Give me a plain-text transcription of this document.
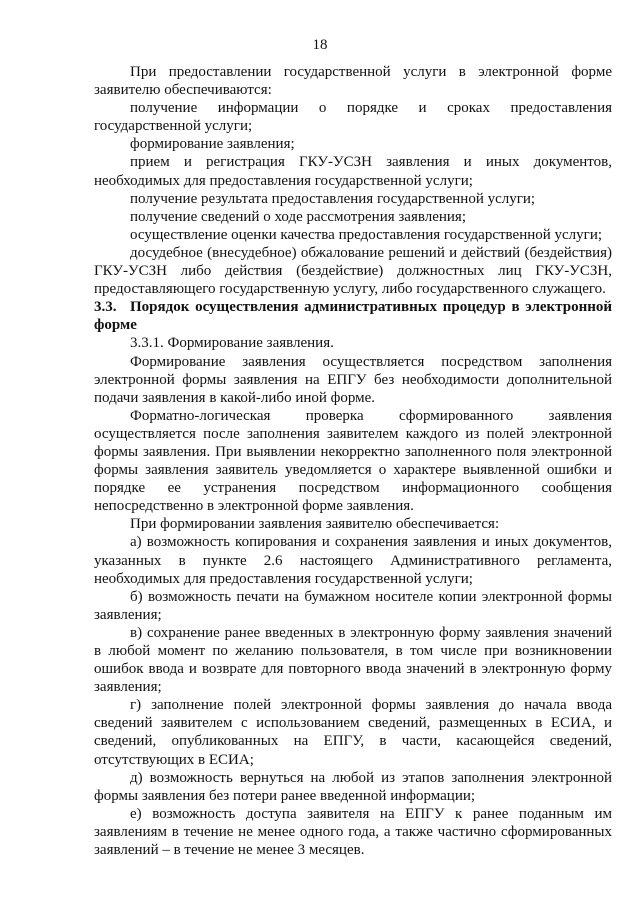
18

При предоставлении государственной услуги в электронной форме заявителю обеспечиваются:

получение информации о порядке и сроках предоставления государственной услуги;

формирование заявления;

прием и регистрация ГКУ-УСЗН заявления и иных документов, необходимых для предоставления государственной услуги;

получение результата предоставления государственной услуги;

получение сведений о ходе рассмотрения заявления;

осуществление оценки качества предоставления государственной услуги;

досудебное (внесудебное) обжалование решений и действий (бездействия) ГКУ-УСЗН либо действия (бездействие) должностных лиц ГКУ-УСЗН, предоставляющего государственную услугу, либо государственного служащего.

3.3. Порядок осуществления административных процедур в электронной форме

3.3.1. Формирование заявления.

Формирование заявления осуществляется посредством заполнения электронной формы заявления на ЕПГУ без необходимости дополнительной подачи заявления в какой-либо иной форме.

Форматно-логическая проверка сформированного заявления осуществляется после заполнения заявителем каждого из полей электронной формы заявления. При выявлении некорректно заполненного поля электронной формы заявления заявитель уведомляется о характере выявленной ошибки и порядке ее устранения посредством информационного сообщения непосредственно в электронной форме заявления.

При формировании заявления заявителю обеспечивается:

а) возможность копирования и сохранения заявления и иных документов, указанных в пункте 2.6 настоящего Административного регламента, необходимых для предоставления государственной услуги;

б) возможность печати на бумажном носителе копии электронной формы заявления;

в) сохранение ранее введенных в электронную форму заявления значений в любой момент по желанию пользователя, в том числе при возникновении ошибок ввода и возврате для повторного ввода значений в электронную форму заявления;

г) заполнение полей электронной формы заявления до начала ввода сведений заявителем с использованием сведений, размещенных в ЕСИА, и сведений, опубликованных на ЕПГУ, в части, касающейся сведений, отсутствующих в ЕСИА;

д) возможность вернуться на любой из этапов заполнения электронной формы заявления без потери ранее введенной информации;

е) возможность доступа заявителя на ЕПГУ к ранее поданным им заявлениям в течение не менее одного года, а также частично сформированных заявлений – в течение не менее 3 месяцев.
